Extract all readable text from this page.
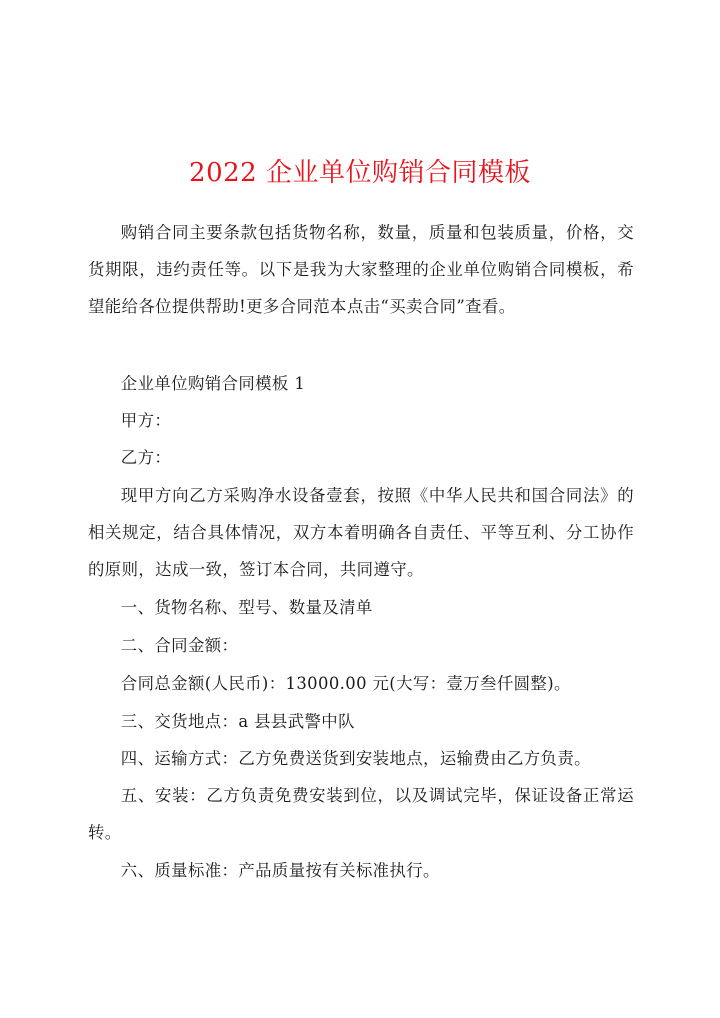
2022 企业单位购销合同模板

购销合同主要条款包括货物名称，数量，质量和包装质量，价格，交货期限，违约责任等。以下是我为大家整理的企业单位购销合同模板，希望能给各位提供帮助!更多合同范本点击“买卖合同”查看。

企业单位购销合同模板 1

甲方：

乙方：

现甲方向乙方采购净水设备壹套，按照《中华人民共和国合同法》的相关规定，结合具体情况，双方本着明确各自责任、平等互利、分工协作的原则，达成一致，签订本合同，共同遵守。

一、货物名称、型号、数量及清单

二、合同金额：

合同总金额(人民币)：13000.00 元(大写：壹万叁仟圆整)。

三、交货地点：a 县县武警中队

四、运输方式：乙方免费送货到安装地点，运输费由乙方负责。

五、安装：乙方负责免费安装到位，以及调试完毕，保证设备正常运转。

六、质量标准：产品质量按有关标准执行。
